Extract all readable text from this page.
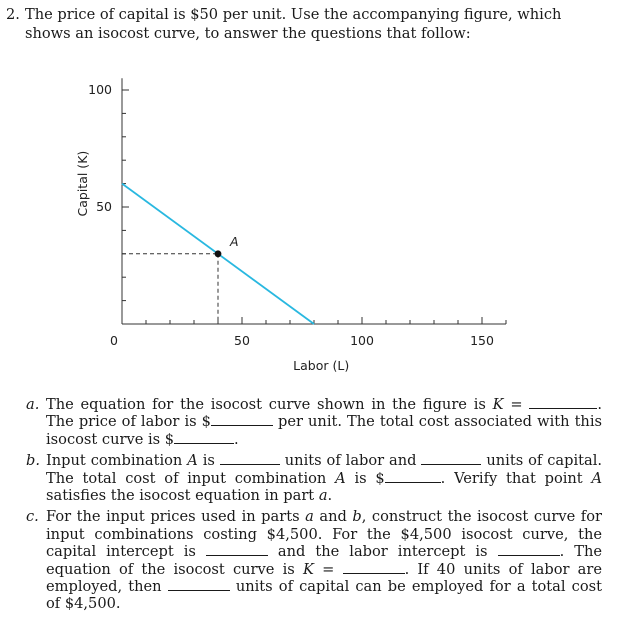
2. The price of capital is $50 per unit. Use the accompanying figure, which shows an isocost curve, to answer the questions that follow:
0	50	100	150
50
100
Labor (L)
Capital (K)
A
a. The equation for the isocost curve shown in the figure is K =	. The price of labor is $	per unit. The total cost associated with this isocost curve is $	.
b. Input combination A is	units of labor and	units of capital. The total cost of input combination A is $	. Verify that point A satisfies the isocost equation in part a.
c. For the input prices used in parts a and b, construct the isocost curve for input combinations costing $4,500. For the $4,500 isocost curve, the capital intercept is	and the labor intercept is	. The equation of the isocost curve is K =	. If 40 units of labor are employed, then	units of capital can be employed for a total cost of $4,500.
